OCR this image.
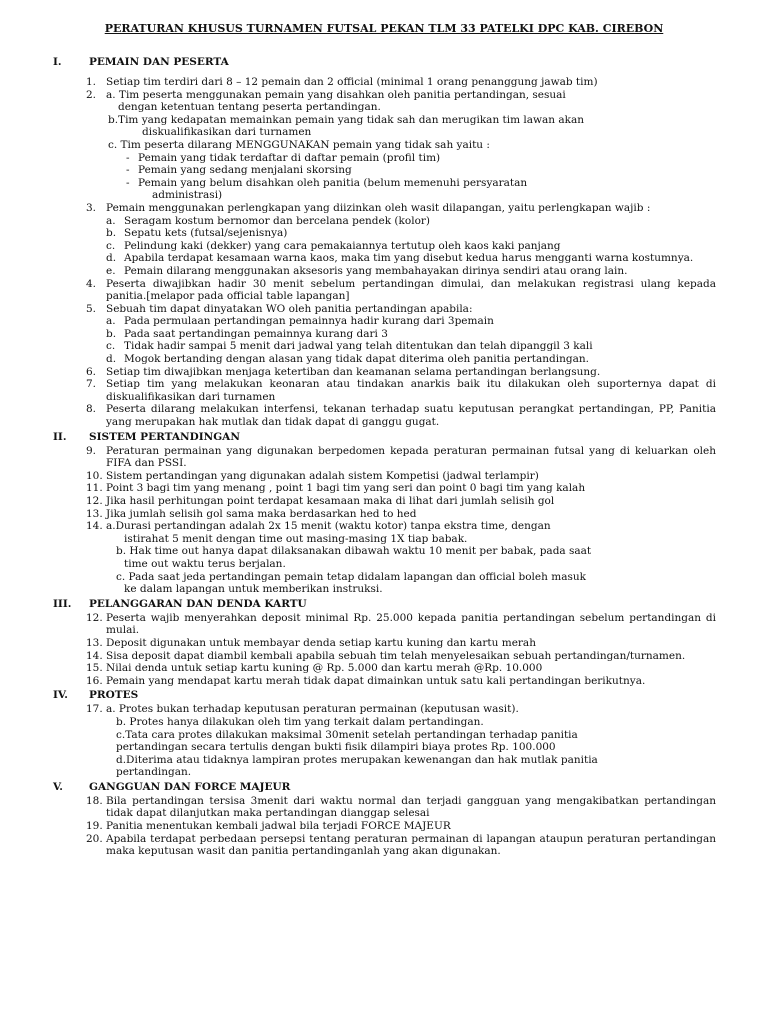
PERATURAN KHUSUS TURNAMEN FUTSAL PEKAN TLM 33 PATELKI DPC KAB. CIREBON
I.	PEMAIN DAN PESERTA
1. Setiap tim terdiri dari 8 – 12 pemain dan 2 official (minimal 1 orang penanggung jawab tim)
2. a. Tim peserta menggunakan pemain yang disahkan oleh panitia pertandingan, sesuai
dengan ketentuan tentang peserta pertandingan.
b.Tim yang kedapatan memainkan pemain yang tidak sah dan merugikan tim lawan akan
diskualifikasikan dari turnamen
c. Tim peserta dilarang MENGGUNAKAN pemain yang tidak sah yaitu :
- Pemain yang tidak terdaftar di daftar pemain (profil tim)
- Pemain yang sedang menjalani skorsing
- Pemain yang belum disahkan oleh panitia (belum memenuhi persyaratan
administrasi)
3. Pemain menggunakan perlengkapan yang diizinkan oleh wasit dilapangan, yaitu perlengkapan wajib :
a. Seragam kostum bernomor dan bercelana pendek (kolor)
b. Sepatu kets (futsal/sejenisnya)
c. Pelindung kaki (dekker) yang cara pemakaiannya tertutup oleh kaos kaki panjang
d. Apabila terdapat kesamaan warna kaos, maka tim yang disebut kedua harus mengganti warna kostumnya.
e. Pemain dilarang menggunakan aksesoris yang membahayakan dirinya sendiri atau orang lain.
4. Peserta diwajibkan hadir 30 menit sebelum pertandingan dimulai, dan melakukan registrasi ulang kepada panitia.[melapor pada official table lapangan]
5. Sebuah tim dapat dinyatakan WO oleh panitia pertandingan apabila:
a. Pada permulaan pertandingan pemainnya hadir kurang dari 3pemain
b. Pada saat pertandingan pemainnya kurang dari 3
c. Tidak hadir sampai 5 menit dari jadwal yang telah ditentukan dan telah dipanggil 3 kali
d. Mogok bertanding dengan alasan yang tidak dapat diterima oleh panitia pertandingan.
6. Setiap tim diwajibkan menjaga ketertiban dan keamanan selama pertandingan berlangsung.
7. Setiap tim yang melakukan keonaran atau tindakan anarkis baik itu dilakukan oleh suporternya dapat di diskualifikasikan dari turnamen
8. Peserta dilarang melakukan interfensi, tekanan terhadap suatu keputusan perangkat pertandingan, PP, Panitia yang merupakan hak mutlak dan tidak dapat di ganggu gugat.
II. SISTEM PERTANDINGAN
9. Peraturan permainan yang digunakan berpedomen kepada peraturan permainan futsal yang di keluarkan oleh FIFA dan PSSI.
10. Sistem pertandingan yang digunakan adalah sistem Kompetisi (jadwal terlampir)
11. Point 3 bagi tim yang menang , point 1 bagi tim yang seri dan point 0 bagi tim yang kalah
12. Jika hasil perhitungan point terdapat kesamaan maka di lihat dari jumlah selisih gol
13. Jika jumlah selisih gol sama maka berdasarkan hed to hed
14. a.Durasi pertandingan adalah 2x 15 menit (waktu kotor) tanpa ekstra time, dengan
istirahat 5 menit dengan time out masing-masing 1X tiap babak.
b. Hak time out hanya dapat dilaksanakan dibawah waktu 10 menit per babak, pada saat
time out waktu terus berjalan.
c. Pada saat jeda pertandingan pemain tetap didalam lapangan dan official boleh masuk
ke dalam lapangan untuk memberikan instruksi.
III. PELANGGARAN DAN DENDA KARTU
12. Peserta wajib menyerahkan deposit minimal Rp. 25.000 kepada panitia pertandingan sebelum pertandingan di mulai.
13. Deposit digunakan untuk membayar denda setiap kartu kuning dan kartu merah
14. Sisa deposit dapat diambil kembali apabila sebuah tim telah menyelesaikan sebuah pertandingan/turnamen.
15. Nilai denda untuk setiap kartu kuning @ Rp. 5.000 dan kartu merah @Rp. 10.000
16. Pemain yang mendapat kartu merah tidak dapat dimainkan untuk satu kali pertandingan berikutnya.
IV. PROTES
17. a. Protes bukan terhadap keputusan peraturan permainan (keputusan wasit).
b. Protes hanya dilakukan oleh tim yang terkait dalam pertandingan.
c.Tata cara protes dilakukan maksimal 30menit setelah pertandingan terhadap panitia
pertandingan secara tertulis dengan bukti fisik dilampiri biaya protes Rp. 100.000
d.Diterima atau tidaknya lampiran protes merupakan kewenangan dan hak mutlak panitia
pertandingan.
V. GANGGUAN DAN FORCE MAJEUR
18. Bila pertandingan tersisa 3menit dari waktu normal dan terjadi gangguan yang mengakibatkan pertandingan tidak dapat dilanjutkan maka pertandingan dianggap selesai
19. Panitia menentukan kembali jadwal bila terjadi FORCE MAJEUR
20. Apabila terdapat perbedaan persepsi tentang peraturan permainan di lapangan ataupun peraturan pertandingan maka keputusan wasit dan panitia pertandinganlah yang akan digunakan.
